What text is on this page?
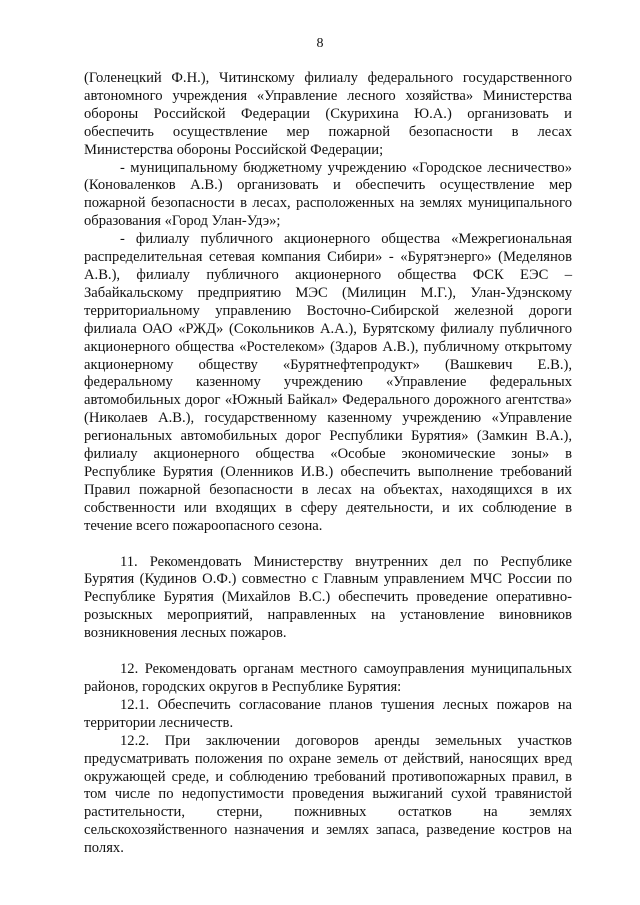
8

(Голенецкий Ф.Н.), Читинскому филиалу федерального государственного автономного учреждения «Управление лесного хозяйства» Министерства обороны Российской Федерации (Скурихина Ю.А.) организовать и обеспечить осуществление мер пожарной безопасности в лесах Министерства обороны Российской Федерации;

- муниципальному бюджетному учреждению «Городское лесничество» (Коноваленков А.В.) организовать и обеспечить осуществление мер пожарной безопасности в лесах, расположенных на землях муниципального образования «Город Улан-Удэ»;

- филиалу публичного акционерного общества «Межрегиональная распределительная сетевая компания Сибири» - «Бурятэнерго» (Меделянов А.В.), филиалу публичного акционерного общества ФСК ЕЭС – Забайкальскому предприятию МЭС (Милицин М.Г.), Улан-Удэнскому территориальному управлению Восточно-Сибирской железной дороги филиала ОАО «РЖД» (Сокольников А.А.), Бурятскому филиалу публичного акционерного общества «Ростелеком» (Здаров А.В.), публичному открытому акционерному обществу «Бурятнефтепродукт» (Вашкевич Е.В.), федеральному казенному учреждению «Управление федеральных автомобильных дорог «Южный Байкал» Федерального дорожного агентства» (Николаев А.В.), государственному казенному учреждению «Управление региональных автомобильных дорог Республики Бурятия» (Замкин В.А.), филиалу акционерного общества «Особые экономические зоны» в Республике Бурятия (Оленников И.В.) обеспечить выполнение требований Правил пожарной безопасности в лесах на объектах, находящихся в их собственности или входящих в сферу деятельности, и их соблюдение в течение всего пожароопасного сезона.

11. Рекомендовать Министерству внутренних дел по Республике Бурятия (Кудинов О.Ф.) совместно с Главным управлением МЧС России по Республике Бурятия (Михайлов В.С.) обеспечить проведение оперативно-розыскных мероприятий, направленных на установление виновников возникновения лесных пожаров.

12. Рекомендовать органам местного самоуправления муниципальных районов, городских округов в Республике Бурятия:

12.1. Обеспечить согласование планов тушения лесных пожаров на территории лесничеств.

12.2. При заключении договоров аренды земельных участков предусматривать положения по охране земель от действий, наносящих вред окружающей среде, и соблюдению требований противопожарных правил, в том числе по недопустимости проведения выжиганий сухой травянистой растительности, стерни, пожнивных остатков на землях сельскохозяйственного назначения и землях запаса, разведение костров на полях.
